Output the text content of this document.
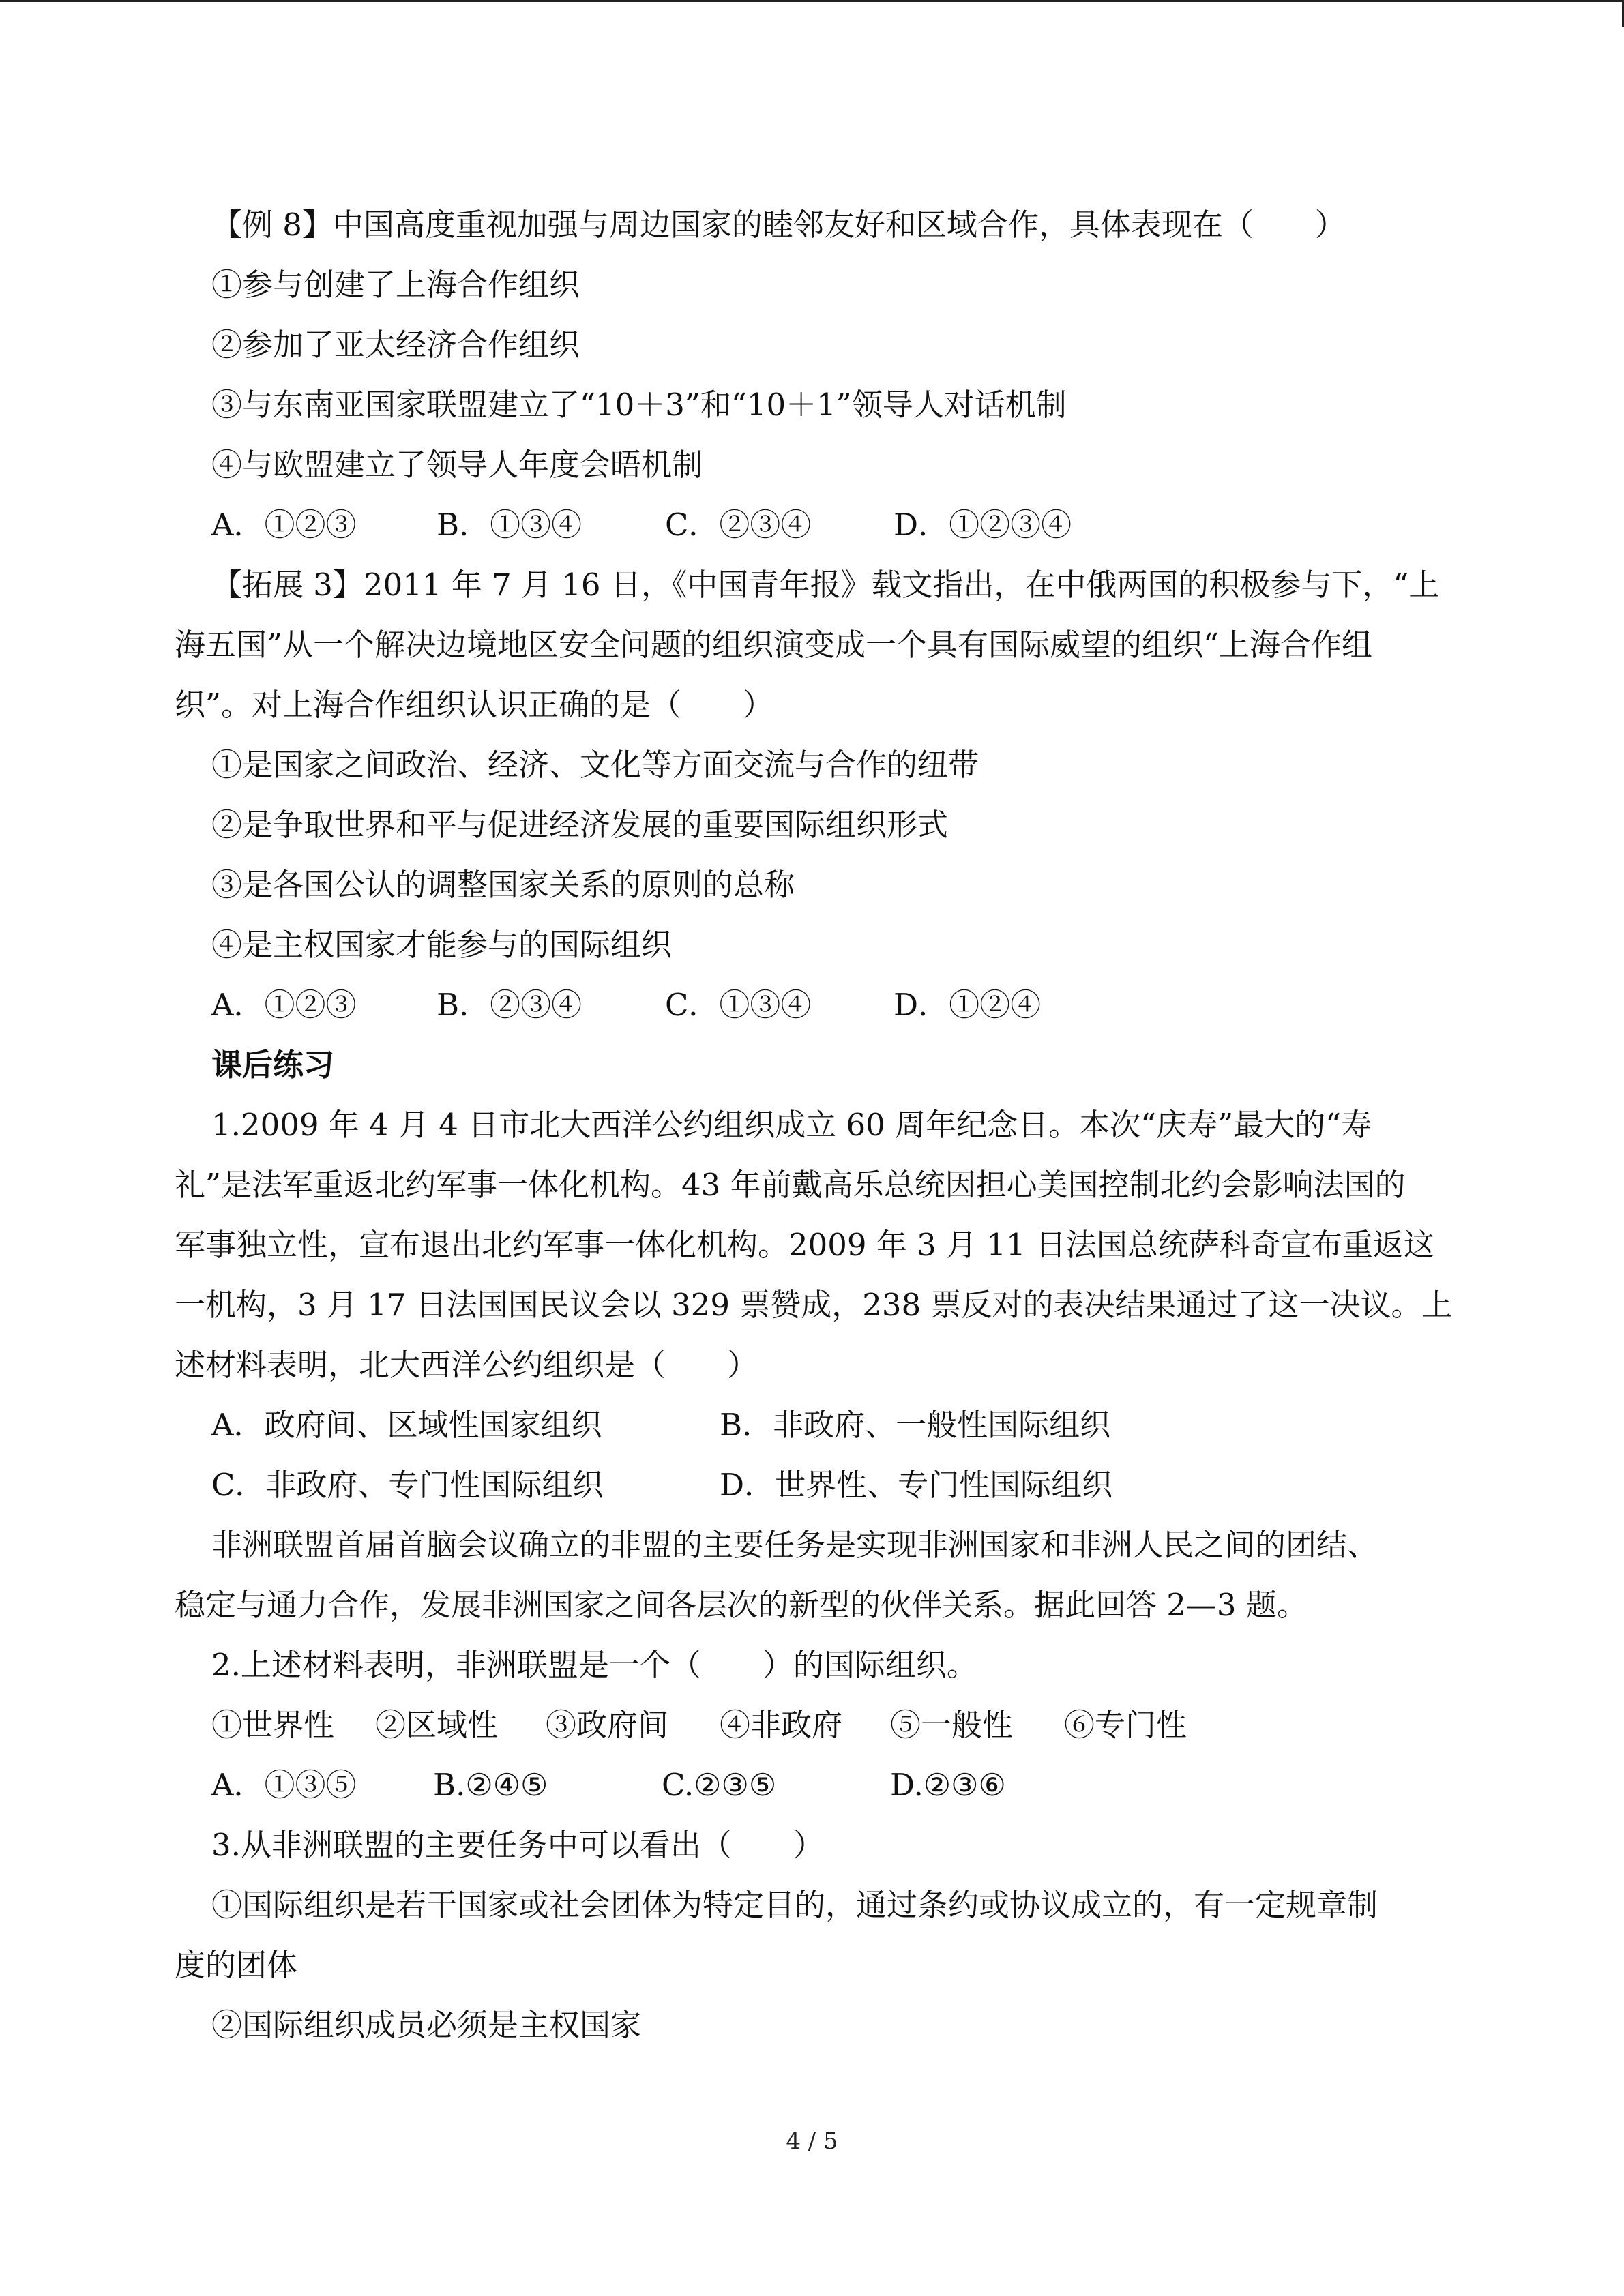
【例 8】中国高度重视加强与周边国家的睦邻友好和区域合作，具体表现在（　　）
①参与创建了上海合作组织
②参加了亚太经济合作组织
③与东南亚国家联盟建立了“10＋3”和“10＋1”领导人对话机制
④与欧盟建立了领导人年度会晤机制
A．①②③	B．①③④	C．②③④	D．①②③④
【拓展 3】2011 年 7 月 16 日，《中国青年报》载文指出，在中俄两国的积极参与下，“上
海五国”从一个解决边境地区安全问题的组织演变成一个具有国际威望的组织“上海合作组
织”。对上海合作组织认识正确的是（　　）
①是国家之间政治、经济、文化等方面交流与合作的纽带
②是争取世界和平与促进经济发展的重要国际组织形式
③是各国公认的调整国家关系的原则的总称
④是主权国家才能参与的国际组织
A．①②③	B．②③④	C．①③④	D．①②④
课后练习
1.2009 年 4 月 4 日市北大西洋公约组织成立 60 周年纪念日。本次“庆寿”最大的“寿
礼”是法军重返北约军事一体化机构。43 年前戴高乐总统因担心美国控制北约会影响法国的
军事独立性，宣布退出北约军事一体化机构。2009 年 3 月 11 日法国总统萨科奇宣布重返这
一机构，3 月 17 日法国国民议会以 329 票赞成，238 票反对的表决结果通过了这一决议。上
述材料表明，北大西洋公约组织是（　　）
A．政府间、区域性国家组织	B．非政府、一般性国际组织
C．非政府、专门性国际组织	D．世界性、专门性国际组织
非洲联盟首届首脑会议确立的非盟的主要任务是实现非洲国家和非洲人民之间的团结、
稳定与通力合作，发展非洲国家之间各层次的新型的伙伴关系。据此回答 2—3 题。
2.上述材料表明，非洲联盟是一个（　　）的国际组织。
①世界性 ②区域性 ③政府间 ④非政府 ⑤一般性 ⑥专门性
A．①③⑤	B.②④⑤	C.②③⑤	D.②③⑥
3.从非洲联盟的主要任务中可以看出（　　）
①国际组织是若干国家或社会团体为特定目的，通过条约或协议成立的，有一定规章制
度的团体
②国际组织成员必须是主权国家
4 / 5
